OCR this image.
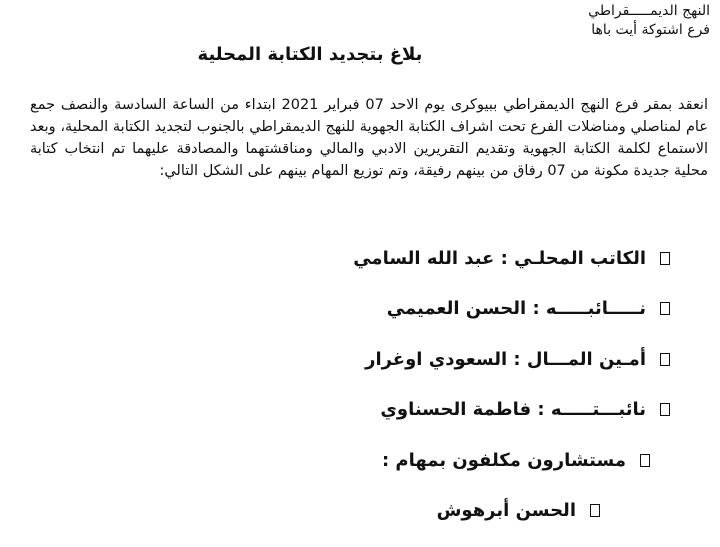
النهج الديمـــــقراطي
فرع اشتوكة أيت باها
بلاغ بتجديد الكتابة المحلية
انعقد بمقر فرع النهج الديمقراطي ببيوكرى يوم الاحد 07 فبراير 2021 ابتداء من الساعة السادسة والنصف جمع عام لمناصلي ومناضلات الفرع تحت اشراف الكتابة الجهوية للنهج الديمقراطي بالجنوب لتجديد الكتابة المحلية، وبعد الاستماع لكلمة الكتابة الجهوية وتقديم التقريرين الادبي والمالي ومناقشتهما والمصادقة عليهما تم انتخاب كتابة محلية جديدة مكونة من 07 رفاق من بينهم رفيقة، وتم توزيع المهام بينهم على الشكل التالي:
الكاتب المحلـي : عبد الله السامي
نـــــائبـــــه : الحسن العميمي
أمـين المـــال : السعودي اوغرار
نائبـــتـــــه : فاطمة الحسناوي
مستشارون مكلفون بمهام :
الحسن أبرهوش
